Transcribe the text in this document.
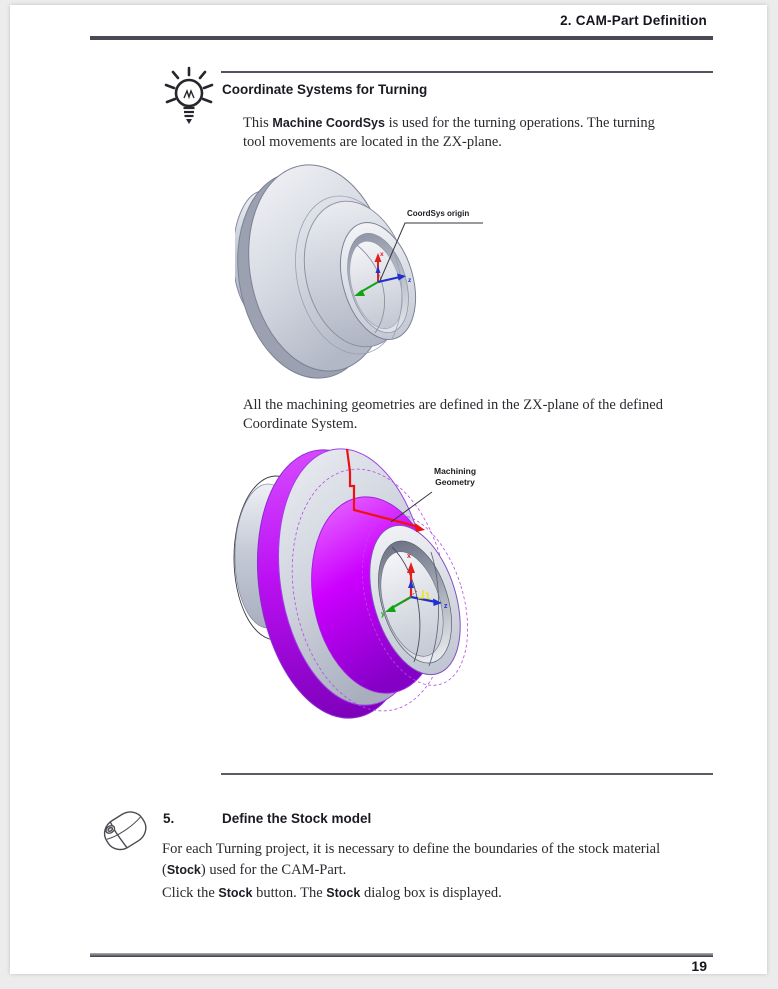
2. CAM-Part Definition
Coordinate Systems for Turning
This Machine CoordSys is used for the turning operations. The turning
tool movements are located in the ZX-plane.
x
z
CoordSys origin
All the machining geometries are defined in the ZX-plane of the defined
Coordinate System.
x
y
z
1
Machining
Geometry
5.	Define the Stock model
For each Turning project, it is necessary to define the boundaries of the stock material
(Stock) used for the CAM-Part.
Click the Stock button. The Stock dialog box is displayed.
19
